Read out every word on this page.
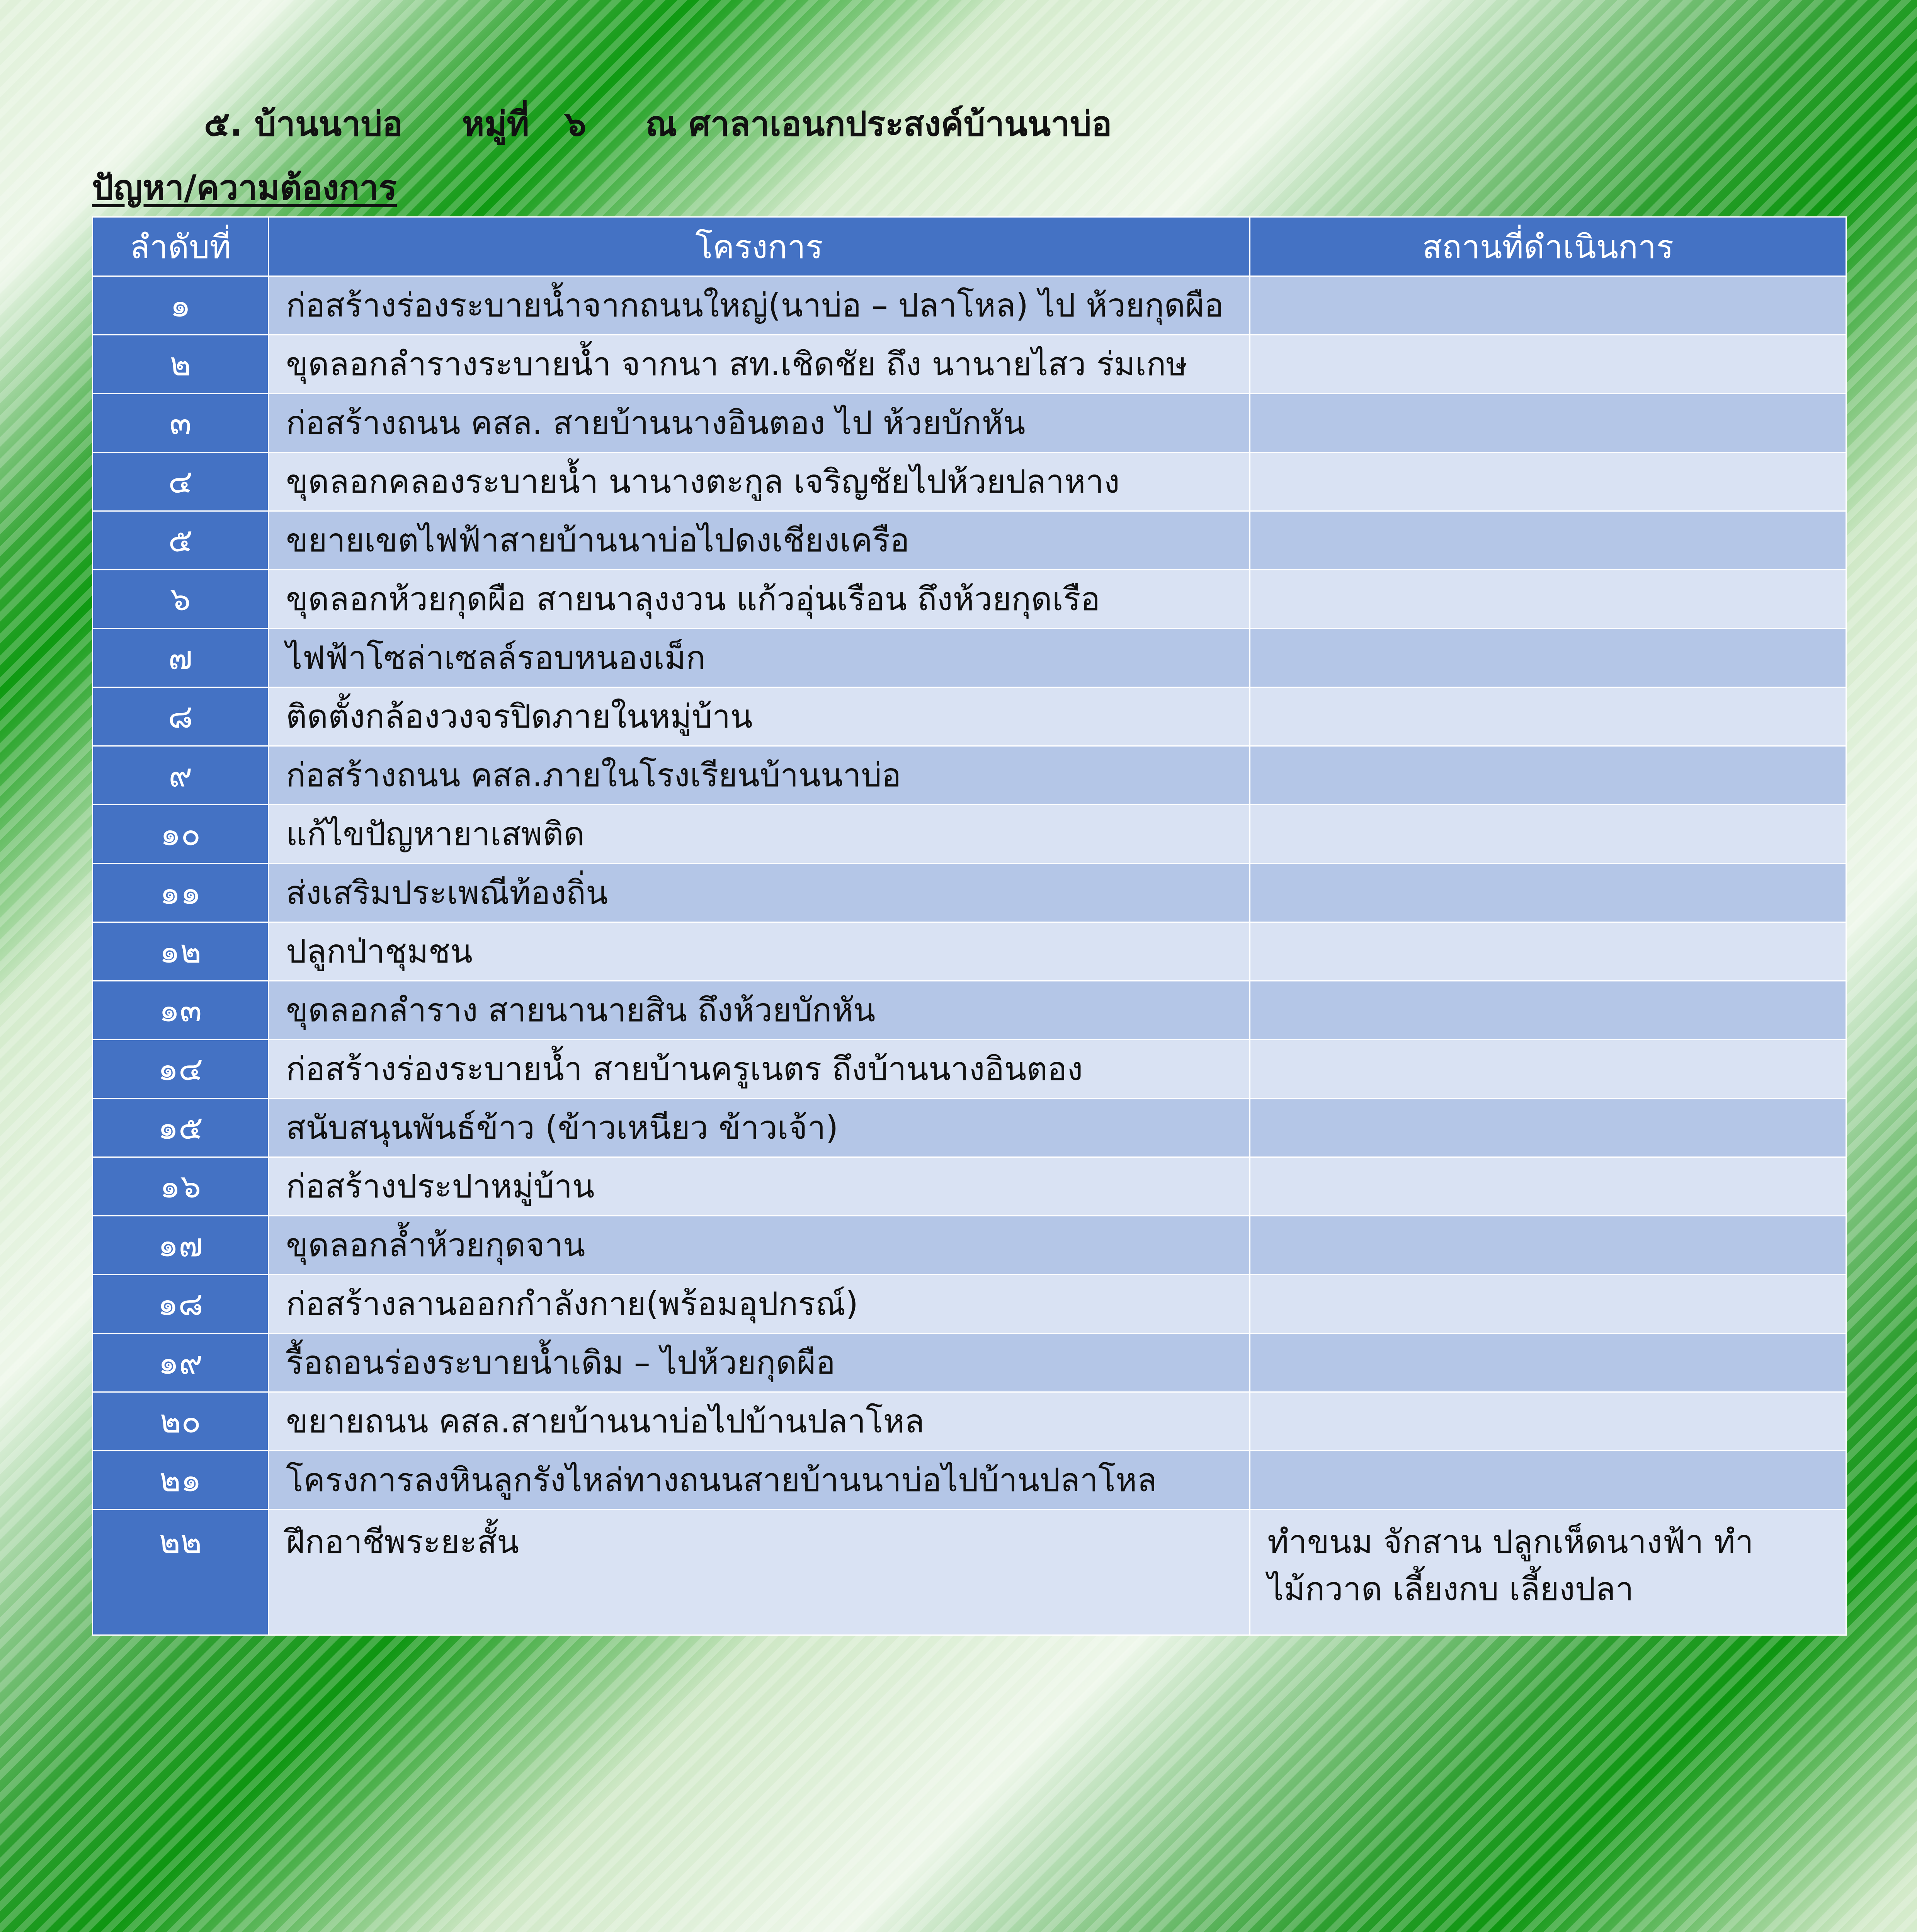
๕. บ้านนาบ่อ     หมู่ที่   ๖     ณ ศาลาเอนกประสงค์บ้านนาบ่อ
ปัญหา/ความต้องการ
ลำดับที่	โครงการ	สถานที่ดำเนินการ
๑	ก่อสร้างร่องระบายน้ำจากถนนใหญ่(นาบ่อ – ปลาโหล) ไป ห้วยกุดผือ	
๒	ขุดลอกลำรางระบายน้ำ จากนา สท.เชิดชัย ถึง นานายไสว ร่มเกษ	
๓	ก่อสร้างถนน คสล. สายบ้านนางอินตอง ไป ห้วยบักหัน	
๔	ขุดลอกคลองระบายน้ำ นานางตะกูล เจริญชัยไปห้วยปลาหาง	
๕	ขยายเขตไฟฟ้าสายบ้านนาบ่อไปดงเชียงเครือ	
๖	ขุดลอกห้วยกุดผือ สายนาลุงงวน แก้วอุ่นเรือน ถึงห้วยกุดเรือ	
๗	ไฟฟ้าโซล่าเซลล์รอบหนองเม็ก	
๘	ติดตั้งกล้องวงจรปิดภายในหมู่บ้าน	
๙	ก่อสร้างถนน คสล.ภายในโรงเรียนบ้านนาบ่อ	
๑๐	แก้ไขปัญหายาเสพติด	
๑๑	ส่งเสริมประเพณีท้องถิ่น	
๑๒	ปลูกป่าชุมชน	
๑๓	ขุดลอกลำราง สายนานายสิน ถึงห้วยบักหัน	
๑๔	ก่อสร้างร่องระบายน้ำ สายบ้านครูเนตร ถึงบ้านนางอินตอง	
๑๕	สนับสนุนพันธ์ข้าว (ข้าวเหนียว ข้าวเจ้า)	
๑๖	ก่อสร้างประปาหมู่บ้าน	
๑๗	ขุดลอกล้ำห้วยกุดจาน	
๑๘	ก่อสร้างลานออกกำลังกาย(พร้อมอุปกรณ์)	
๑๙	รื้อถอนร่องระบายน้ำเดิม – ไปห้วยกุดผือ	
๒๐	ขยายถนน คสล.สายบ้านนาบ่อไปบ้านปลาโหล	
๒๑	โครงการลงหินลูกรังไหล่ทางถนนสายบ้านนาบ่อไปบ้านปลาโหล	
๒๒	ฝึกอาชีพระยะสั้น	ทำขนม จักสาน ปลูกเห็ดนางฟ้า ทำไม้กวาด เลี้ยงกบ เลี้ยงปลา
